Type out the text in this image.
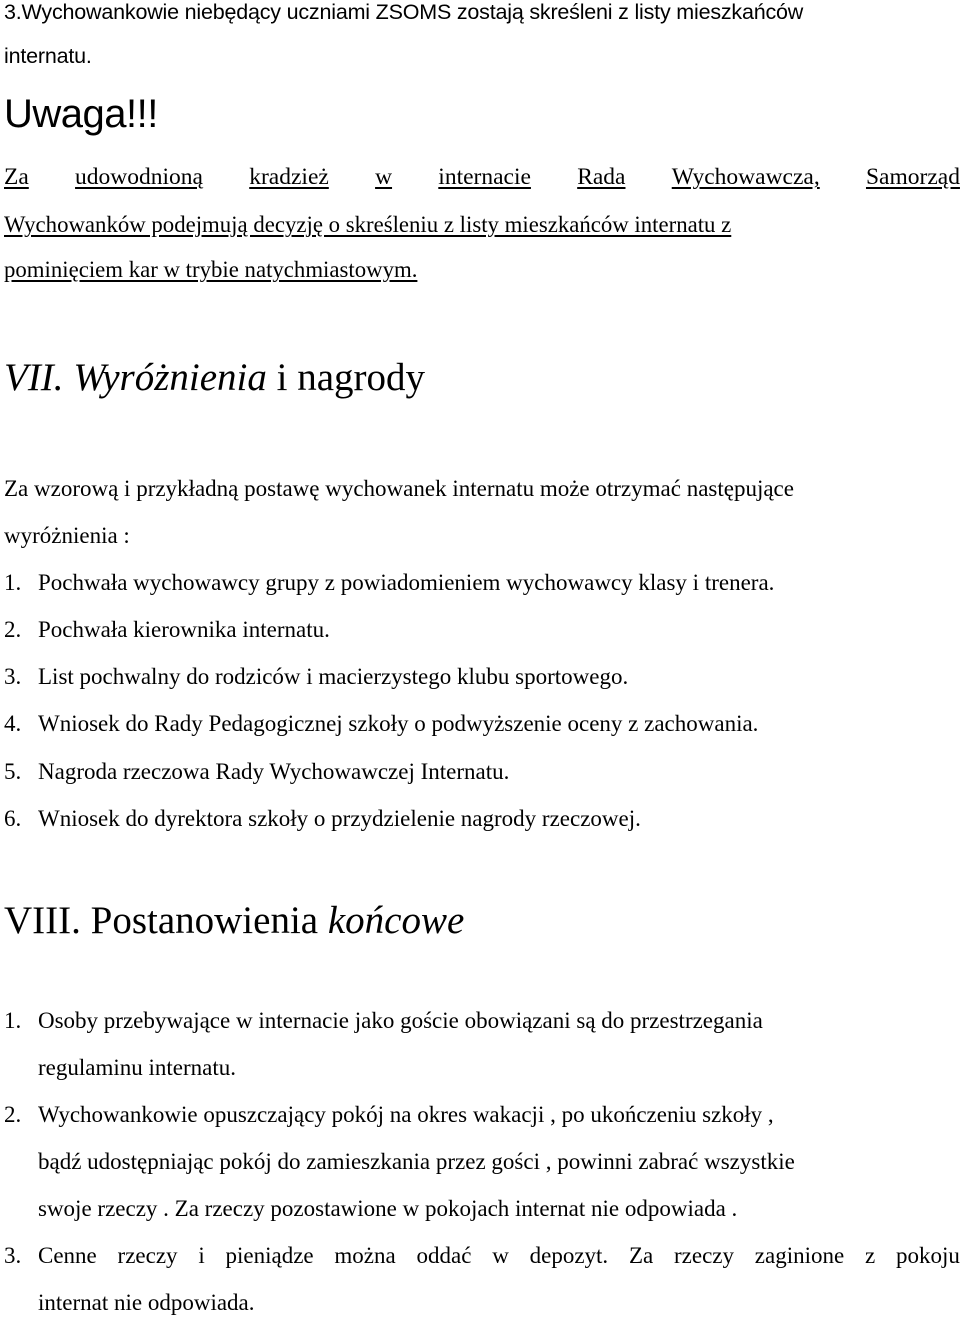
3.Wychowankowie niebędący uczniami ZSOMS zostają skreśleni z listy mieszkańców

internatu.

Uwaga!!!

Za udowodnioną kradzież w internacie Rada Wychowawcza, Samorząd

Wychowanków podejmują decyzję o skreśleniu z listy mieszkańców internatu z

pominięciem kar w trybie natychmiastowym.

VII. Wyróżnienia i nagrody

Za wzorową i przykładną postawę wychowanek internatu może otrzymać następujące

wyróżnienia :

1. Pochwała wychowawcy grupy z powiadomieniem wychowawcy klasy i trenera.
2. Pochwała kierownika internatu.
3. List pochwalny do rodziców i macierzystego klubu sportowego.
4. Wniosek do Rady Pedagogicznej szkoły o podwyższenie oceny z zachowania.
5. Nagroda rzeczowa Rady Wychowawczej Internatu.
6. Wniosek do dyrektora szkoły o przydzielenie nagrody rzeczowej.
VIII. Postanowienia końcowe
1. Osoby przebywające w internacie jako goście obowiązani są do przestrzegania
regulaminu internatu.
2. Wychowankowie opuszczający pokój na okres wakacji , po ukończeniu szkoły ,
bądź udostępniając pokój do zamieszkania przez gości , powinni zabrać wszystkie
swoje rzeczy . Za rzeczy pozostawione w pokojach internat nie odpowiada .
3. Cenne rzeczy i pieniądze można oddać w depozyt. Za rzeczy zaginione z pokoju
internat nie odpowiada.
